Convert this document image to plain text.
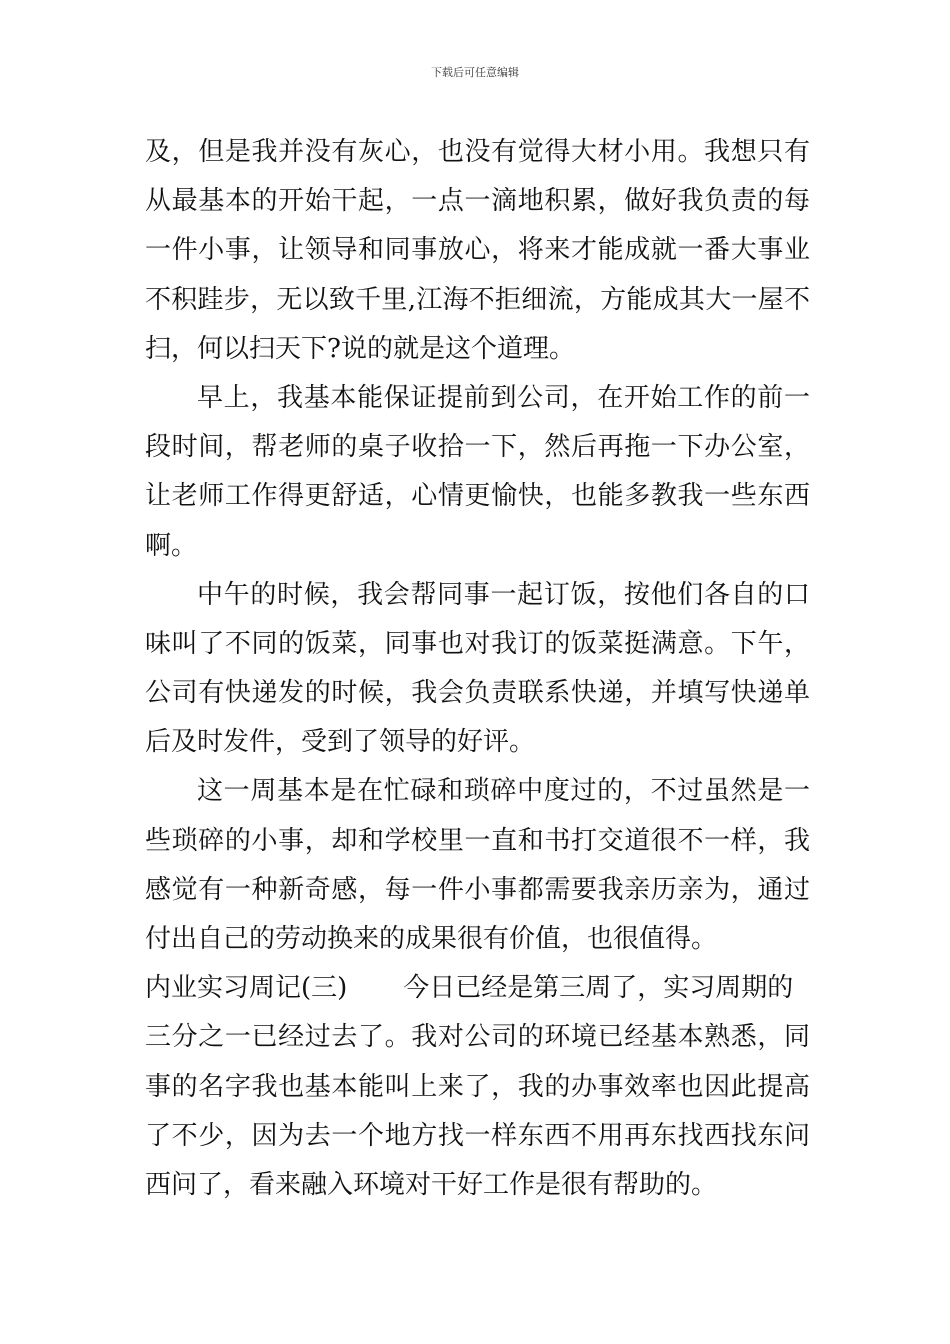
下载后可任意编辑
及，但是我并没有灰心，也没有觉得大材小用。我想只有
从最基本的开始干起，一点一滴地积累，做好我负责的每
一件小事，让领导和同事放心，将来才能成就一番大事业
不积跬步，无以致千里,江海不拒细流，方能成其大一屋不
扫，何以扫天下?说的就是这个道理。
早上，我基本能保证提前到公司，在开始工作的前一
段时间，帮老师的桌子收拾一下，然后再拖一下办公室，
让老师工作得更舒适，心情更愉快，也能多教我一些东西
啊。
中午的时候，我会帮同事一起订饭，按他们各自的口
味叫了不同的饭菜，同事也对我订的饭菜挺满意。下午，
公司有快递发的时候，我会负责联系快递，并填写快递单
后及时发件，受到了领导的好评。
这一周基本是在忙碌和琐碎中度过的，不过虽然是一
些琐碎的小事，却和学校里一直和书打交道很不一样，我
感觉有一种新奇感，每一件小事都需要我亲历亲为，通过
付出自己的劳动换来的成果很有价值，也很值得。
内业实习周记(三) 今日已经是第三周了，实习周期的
三分之一已经过去了。我对公司的环境已经基本熟悉，同
事的名字我也基本能叫上来了，我的办事效率也因此提高
了不少，因为去一个地方找一样东西不用再东找西找东问
西问了，看来融入环境对干好工作是很有帮助的。
